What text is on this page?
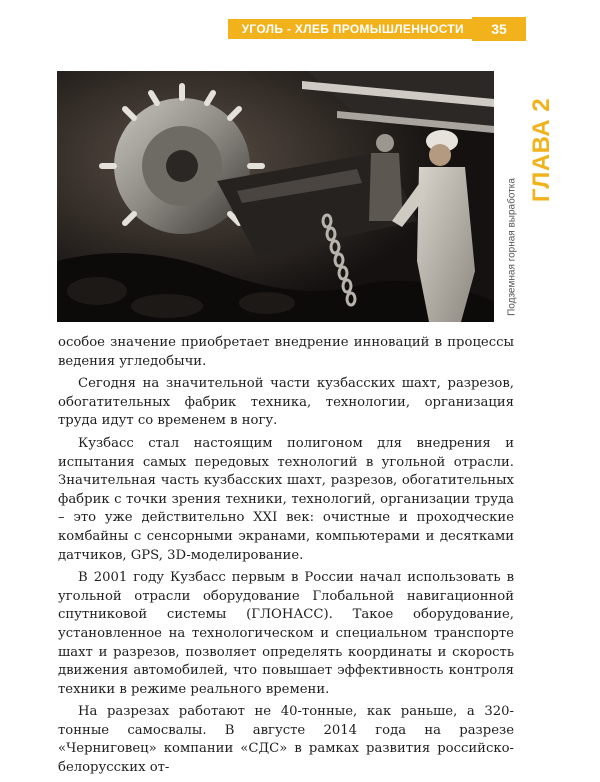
УГОЛЬ - ХЛЕБ ПРОМЫШЛЕННОСТИ	35
ГЛАВА 2
Подземная горная выработка

особое значение приобретает внедрение инноваций в процессы ведения угледобычи.

Сегодня на значительной части кузбасских шахт, разрезов, обогатительных фабрик техника, технологии, организация труда идут со временем в ногу.

Кузбасс стал настоящим полигоном для внедрения и испытания самых передовых технологий в угольной отрасли. Значительная часть кузбасских шахт, разрезов, обогатительных фабрик с точки зрения техники, технологий, организации труда – это уже действительно XXI век: очистные и проходческие комбайны с сенсорными экранами, компьютерами и десятками датчиков, GPS, 3D-моделирование.

В 2001 году Кузбасс первым в России начал использовать в угольной отрасли оборудование Глобальной навигационной спутниковой системы (ГЛОНАСС). Такое оборудование, установленное на технологическом и специальном транспорте шахт и разрезов, позволяет определять координаты и скорость движения автомобилей, что повышает эффективность контроля техники в режиме реального времени.

На разрезах работают не 40-тонные, как раньше, а 320-тонные самосвалы. В августе 2014 года на разрезе «Черниговец» компании «СДС» в рамках развития российско-белорусских от-
